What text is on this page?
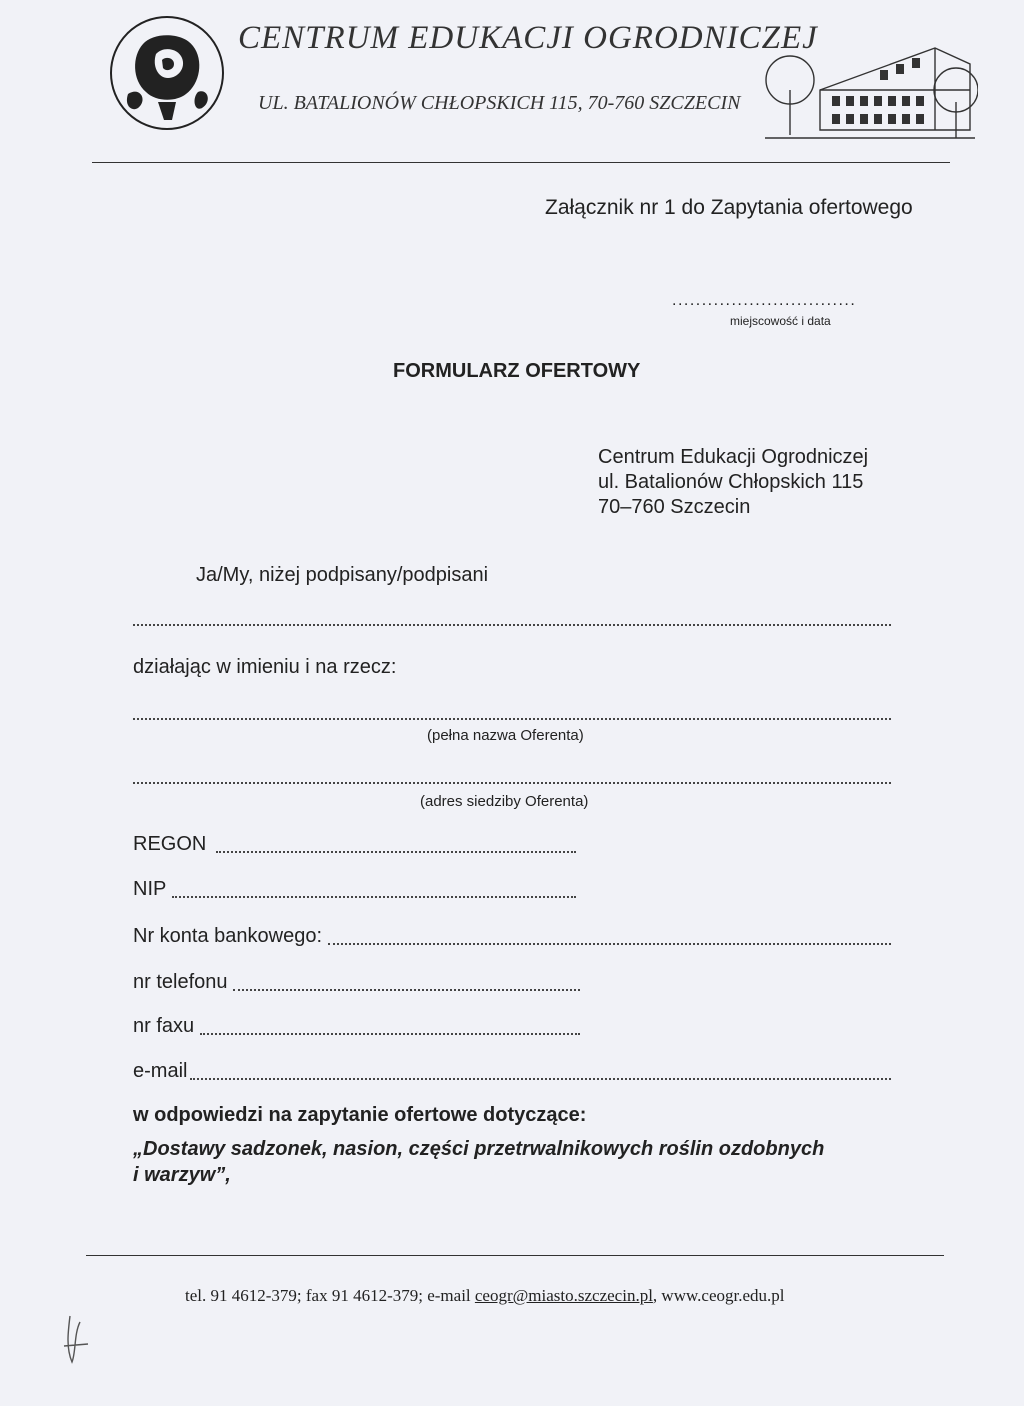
CENTRUM EDUKACJI OGRODNICZEJ
UL. BATALIONÓW CHŁOPSKICH 115, 70-760 SZCZECIN
Załącznik nr 1 do Zapytania ofertowego
...............................
miejscowość i data
FORMULARZ OFERTOWY
Centrum Edukacji Ogrodniczej
ul. Batalionów Chłopskich 115
70–760 Szczecin
Ja/My, niżej podpisany/podpisani
działając w imieniu i na rzecz:
(pełna nazwa Oferenta)
(adres siedziby Oferenta)
REGON
NIP
Nr konta bankowego:
nr telefonu
nr faxu
e-mail
w odpowiedzi na zapytanie ofertowe dotyczące:
„Dostawy sadzonek, nasion, części przetrwalnikowych roślin ozdobnych
i warzyw”,
tel. 91 4612-379; fax 91 4612-379; e-mail ceogr@miasto.szczecin.pl, www.ceogr.edu.pl
